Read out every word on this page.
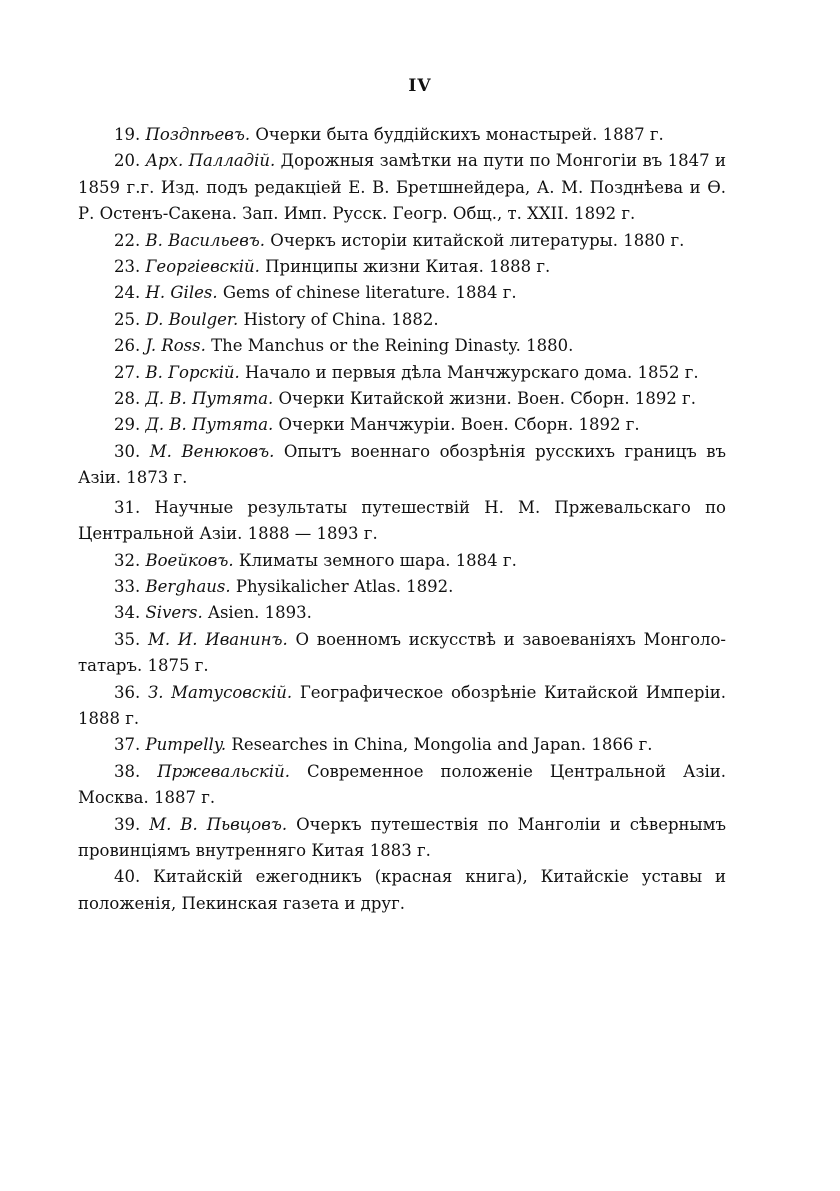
IV

19. Поздпѣевъ. Очерки быта буддійскихъ монастырей. 1887 г.

20. Арх. Палладій. Дорожныя замѣтки на пути по Монгогіи въ 1847 и 1859 г.г. Изд. подъ редакціей Е. В. Бретшнейдера, А. М. Позднѣева и Ѳ. Р. Остенъ-Сакена. Зап. Имп. Русск. Геогр. Общ., т. XXII. 1892 г.

22. В. Васильевъ. Очеркъ исторіи китайской литературы. 1880 г.

23. Георгіевскій. Принципы жизни Китая. 1888 г.

24. H. Giles. Gems of chinese literature. 1884 г.

25. D. Boulger. History of China. 1882.

26. J. Ross. The Manchus or the Reining Dinasty. 1880.

27. В. Горскій. Начало и первыя дѣла Манчжурскаго дома. 1852 г.

28. Д. В. Путята. Очерки Китайской жизни. Воен. Сборн. 1892 г.

29. Д. В. Путята. Очерки Манчжуріи. Воен. Сборн. 1892 г.

30. М. Венюковъ. Опытъ военнаго обозрѣнія русскихъ границъ въ Азіи. 1873 г.

31. Научные результаты путешествій Н. М. Пржевальскаго по Центральной Азіи. 1888 — 1893 г.

32. Воейковъ. Климаты земного шара. 1884 г.

33. Berghaus. Physikalicher Atlas. 1892.

34. Sivers. Asien. 1893.

35. М. И. Иванинъ. О военномъ искусствѣ и завоеваніяхъ Монголо-татаръ. 1875 г.

36. З. Матусовскій. Географическое обозрѣніе Китайской Имперіи. 1888 г.

37. Pumpelly. Researches in China, Mongolia and Japan. 1866 г.

38. Пржевальскій. Современное положеніе Центральной Азіи. Москва. 1887 г.

39. М. В. Пьвцовъ. Очеркъ путешествія по Манголіи и сѣвернымъ провинціямъ внутренняго Китая 1883 г.

40. Китайскій ежегодникъ (красная книга), Китайскіе уставы и положенія, Пекинская газета и друг.
